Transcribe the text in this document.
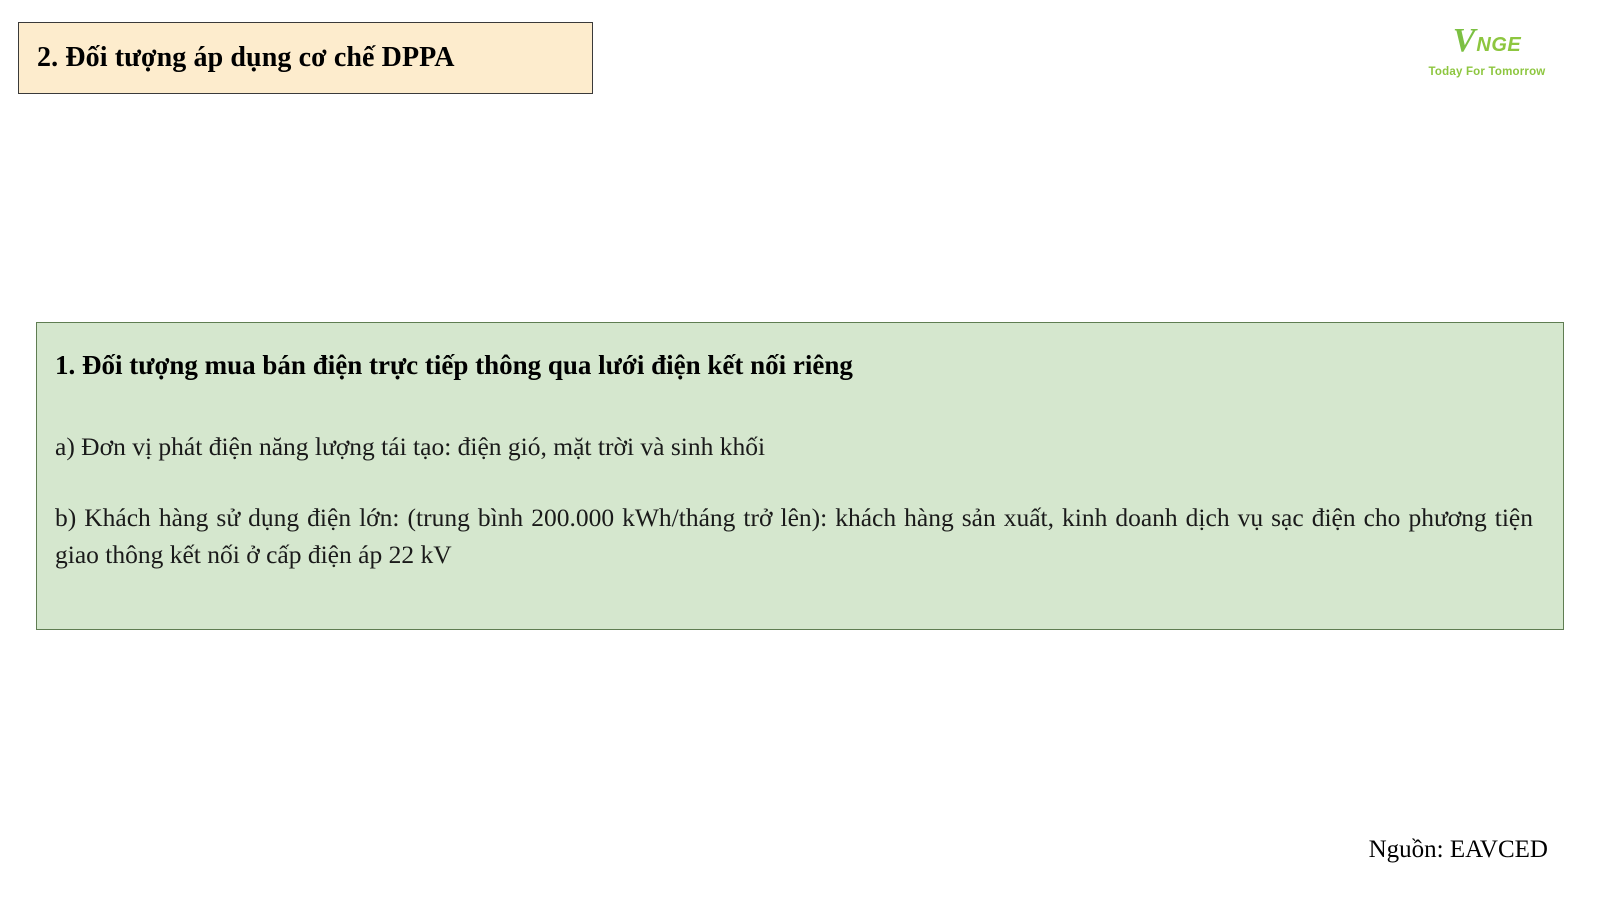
2. Đối tượng áp dụng cơ chế DPPA	V NGE
Today For Tomorrow

1. Đối tượng mua bán điện trực tiếp thông qua lưới điện kết nối riêng

a) Đơn vị phát điện năng lượng tái tạo: điện gió, mặt trời và sinh khối

b) Khách hàng sử dụng điện lớn: (trung bình 200.000 kWh/tháng trở lên): khách hàng sản xuất, kinh doanh dịch vụ sạc điện cho phương tiện giao thông kết nối ở cấp điện áp 22 kV

Nguồn: EAVCED
